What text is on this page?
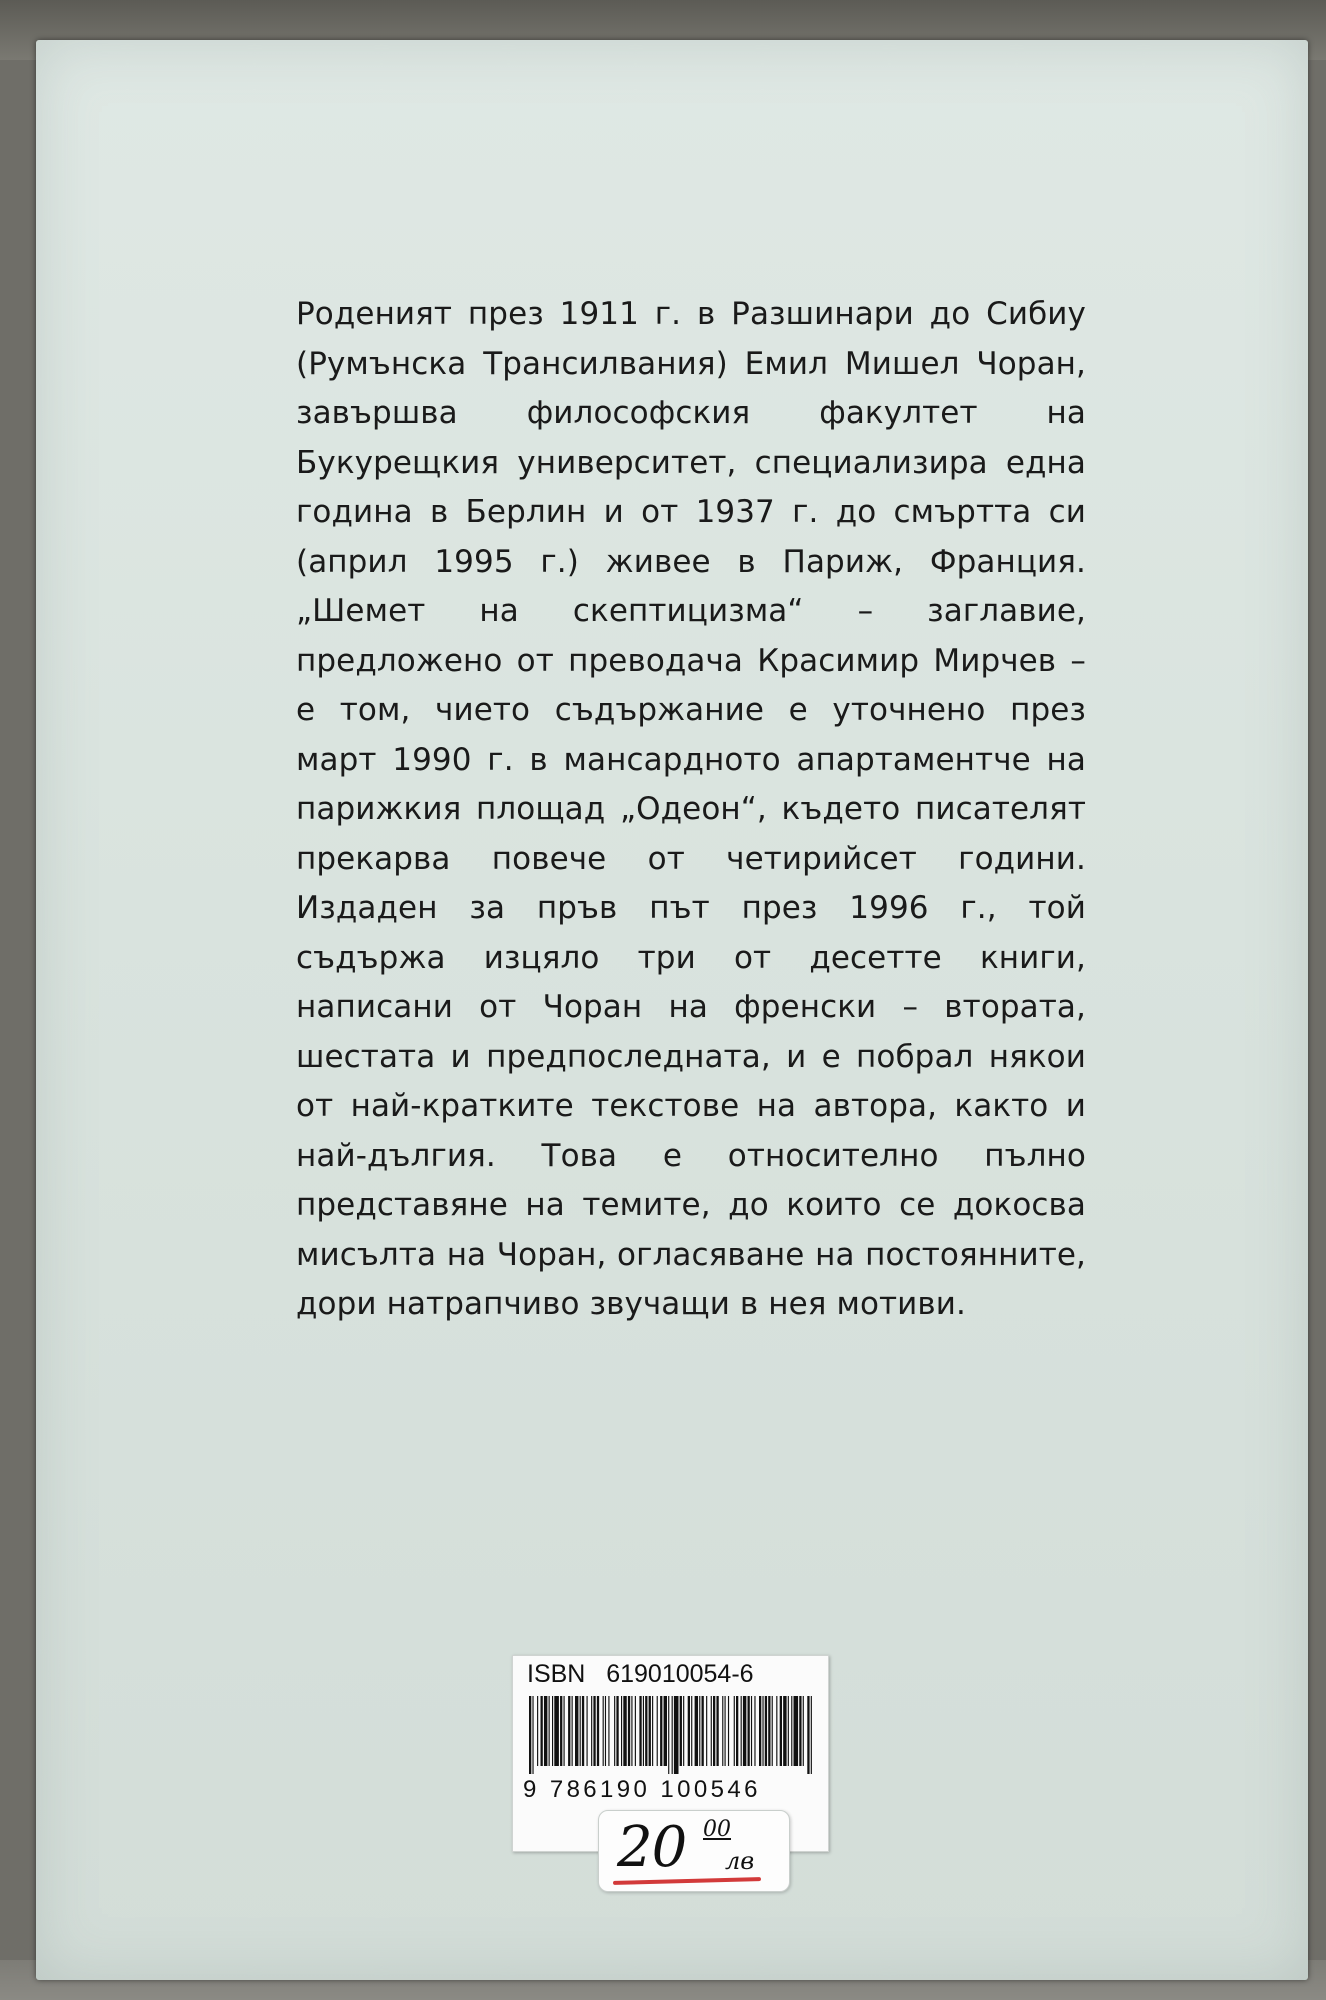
Роденият през 1911 г. в Разшинари до Сибиу (Румънска Трансилвания) Емил Мишел Чоран, завършва философския факултет на Букурещкия университет, специализира една година в Берлин и от 1937 г. до смъртта си (април 1995 г.) живее в Париж, Франция. „Шемет на скептицизма“ – заглавие, предложено от преводача Красимир Мирчев – е том, чието съдържание е уточнено през март 1990 г. в мансардното апартаментче на парижкия площад „Одеон“, където писателят прекарва повече от четирийсет години. Издаден за пръв път през 1996 г., той съдържа изцяло три от десетте книги, написани от Чоран на френски – втората, шестата и предпоследната, и е побрал някои от най-кратките текстове на автора, както и най-дългия. Това е относително пълно представяне на темите, до които се докосва мисълта на Чоран, огласяване на постоянните, дори натрапчиво звучащи в нея мотиви.

ISBN 619010054-6
9 786190 100546
20 00
лв
